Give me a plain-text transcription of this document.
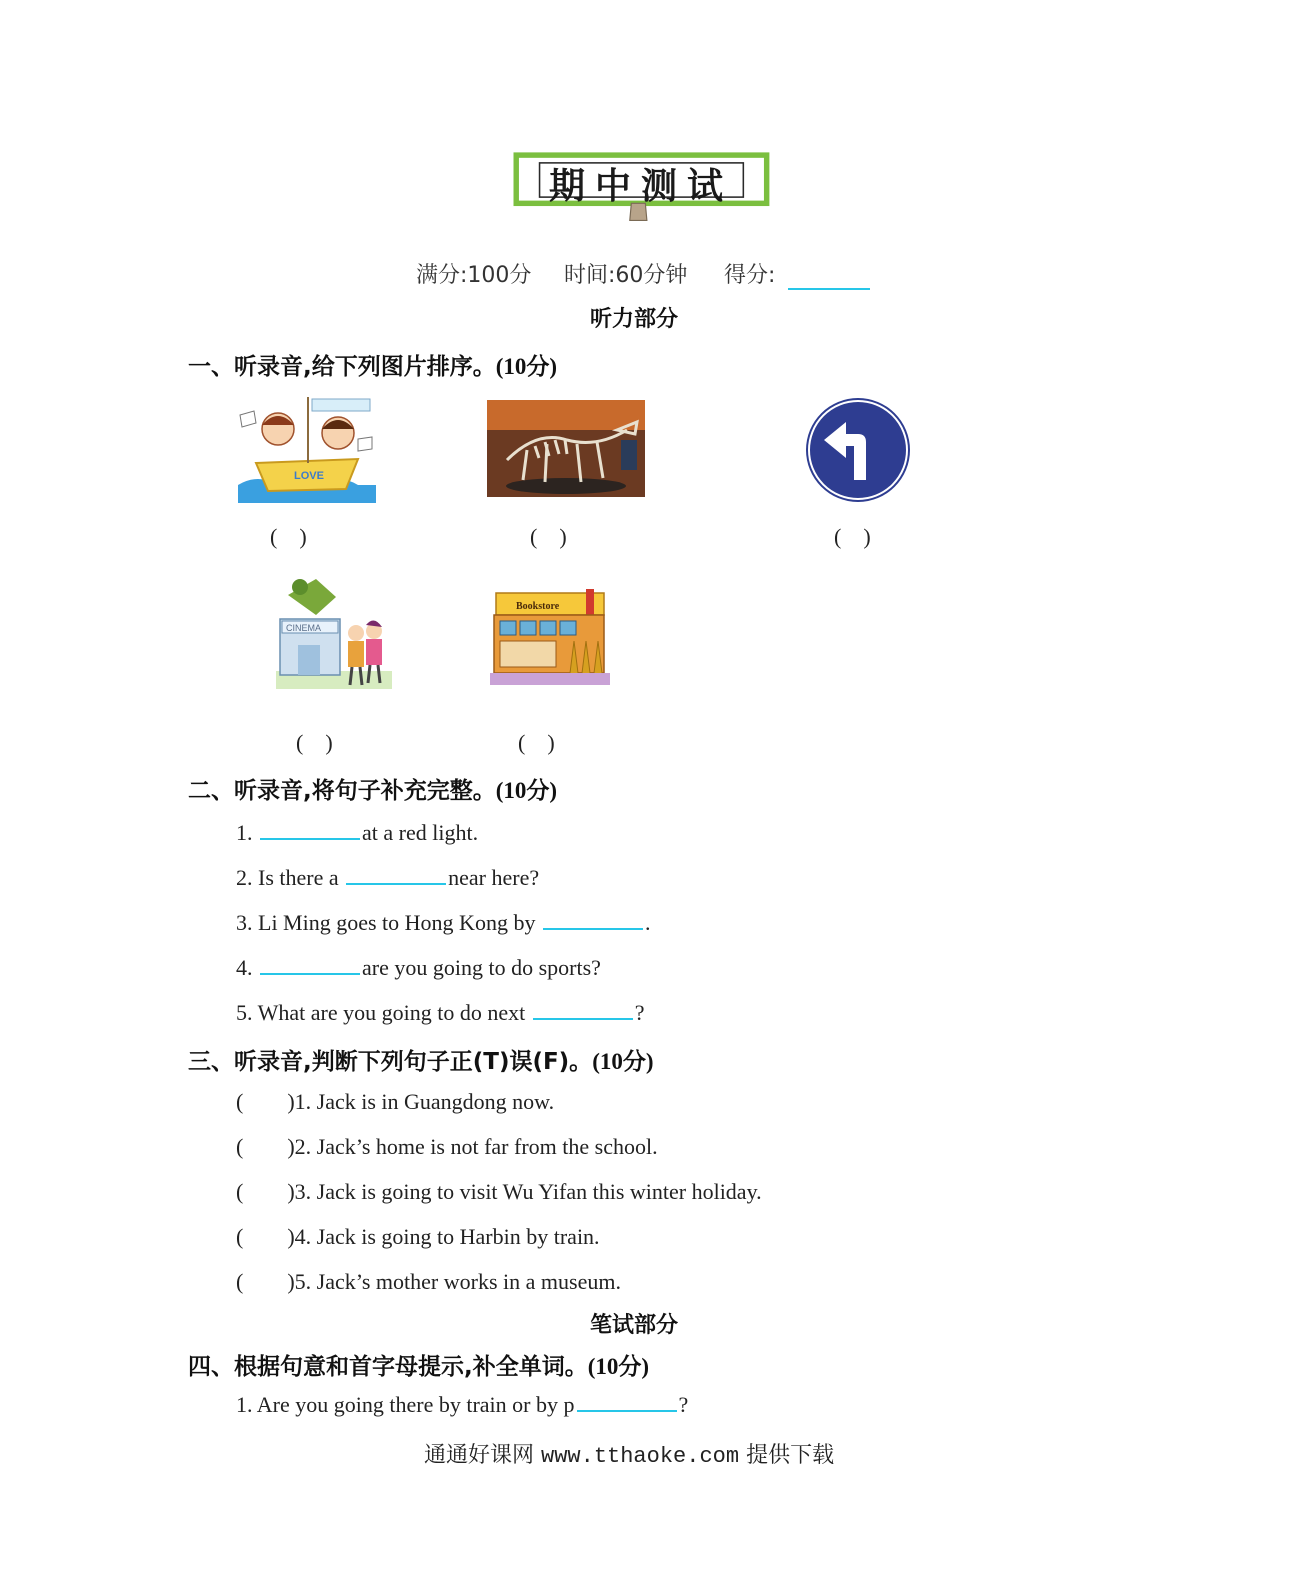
期中测试
满分:100分 时间:60分钟 得分:
听力部分
一、听录音,给下列图片排序。(10分)
LOVE
(    )	(    )	(    )
CINEMA
(    )
Bookstore
(    )
二、听录音,将句子补充完整。(10分)
1.	at a red light.
2. Is there a	near here?
3. Li Ming goes to Hong Kong by	.
4.	are you going to do sports?
5. What are you going to do next	?
三、听录音,判断下列句子正(T)误(F)。(10分)
(        )1. Jack is in Guangdong now.
(        )2. Jack’s home is not far from the school.
(        )3. Jack is going to visit Wu Yifan this winter holiday.
(        )4. Jack is going to Harbin by train.
(        )5. Jack’s mother works in a museum.
笔试部分
四、根据句意和首字母提示,补全单词。(10分)
1. Are you going there by train or by p	?
通通好课网 www.tthaoke.com 提供下载
